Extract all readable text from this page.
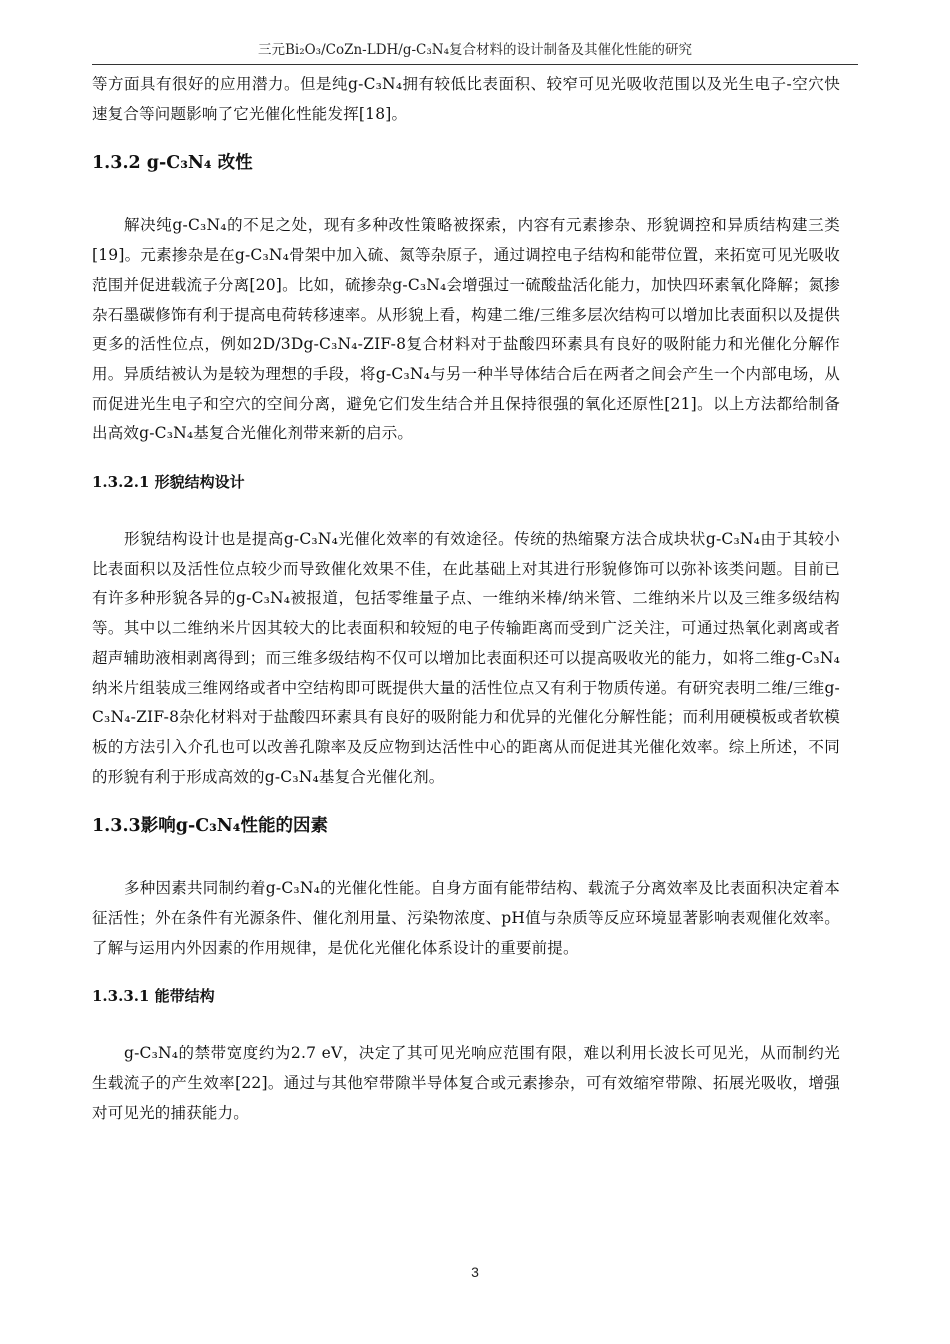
三元Bi₂O₃/CoZn-LDH/g-C₃N₄复合材料的设计制备及其催化性能的研究

等方面具有很好的应用潜力。但是纯g-C₃N₄拥有较低比表面积、较窄可见光吸收范围以及光生电子-空穴快速复合等问题影响了它光催化性能发挥[18]。

1.3.2 g-C₃N₄ 改性

解决纯g-C₃N₄的不足之处，现有多种改性策略被探索，内容有元素掺杂、形貌调控和异质结构建三类[19]。元素掺杂是在g-C₃N₄骨架中加入硫、氮等杂原子，通过调控电子结构和能带位置，来拓宽可见光吸收范围并促进载流子分离[20]。比如，硫掺杂g-C₃N₄会增强过一硫酸盐活化能力，加快四环素氧化降解；氮掺杂石墨碳修饰有利于提高电荷转移速率。从形貌上看，构建二维/三维多层次结构可以增加比表面积以及提供更多的活性位点，例如2D/3Dg-C₃N₄-ZIF-8复合材料对于盐酸四环素具有良好的吸附能力和光催化分解作用。异质结被认为是较为理想的手段，将g-C₃N₄与另一种半导体结合后在两者之间会产生一个内部电场，从而促进光生电子和空穴的空间分离，避免它们发生结合并且保持很强的氧化还原性[21]。以上方法都给制备出高效g-C₃N₄基复合光催化剂带来新的启示。

1.3.2.1 形貌结构设计

形貌结构设计也是提高g-C₃N₄光催化效率的有效途径。传统的热缩聚方法合成块状g-C₃N₄由于其较小比表面积以及活性位点较少而导致催化效果不佳，在此基础上对其进行形貌修饰可以弥补该类问题。目前已有许多种形貌各异的g-C₃N₄被报道，包括零维量子点、一维纳米棒/纳米管、二维纳米片以及三维多级结构等。其中以二维纳米片因其较大的比表面积和较短的电子传输距离而受到广泛关注，可通过热氧化剥离或者超声辅助液相剥离得到；而三维多级结构不仅可以增加比表面积还可以提高吸收光的能力，如将二维g-C₃N₄纳米片组装成三维网络或者中空结构即可既提供大量的活性位点又有利于物质传递。有研究表明二维/三维g-C₃N₄-ZIF-8杂化材料对于盐酸四环素具有良好的吸附能力和优异的光催化分解性能；而利用硬模板或者软模板的方法引入介孔也可以改善孔隙率及反应物到达活性中心的距离从而促进其光催化效率。综上所述，不同的形貌有利于形成高效的g-C₃N₄基复合光催化剂。

1.3.3影响g-C₃N₄性能的因素

多种因素共同制约着g-C₃N₄的光催化性能。自身方面有能带结构、载流子分离效率及比表面积决定着本征活性；外在条件有光源条件、催化剂用量、污染物浓度、pH值与杂质等反应环境显著影响表观催化效率。了解与运用内外因素的作用规律，是优化光催化体系设计的重要前提。

1.3.3.1 能带结构

g-C₃N₄的禁带宽度约为2.7 eV，决定了其可见光响应范围有限，难以利用长波长可见光，从而制约光生载流子的产生效率[22]。通过与其他窄带隙半导体复合或元素掺杂，可有效缩窄带隙、拓展光吸收，增强对可见光的捕获能力。

3
